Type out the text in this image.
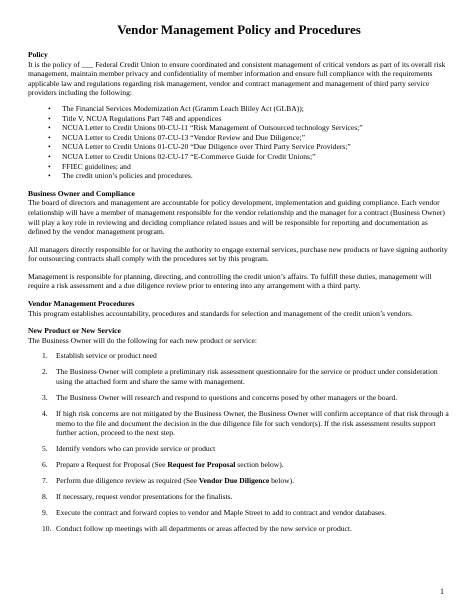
Vendor Management Policy and Procedures

Policy

It is the policy of ___ Federal Credit Union to ensure coordinated and consistent management of critical vendors as part of its overall risk management, maintain member privacy and confidentiality of member information and ensure full compliance with the requirements applicable law and regulations regarding risk management, vendor and contract management and management of third party service providers including the following:

• The Financial Services Modernization Act (Gramm Leach Bliley Act (GLBA));
• Title V, NCUA Regulations Part 748 and appendices
• NCUA Letter to Credit Unions 00-CU-11 “Risk Management of Outsourced technology Services;”
• NCUA Letter to Credit Unions 07-CU-13 “Vendor Review and Due Diligence;”
• NCUA Letter to Credit Unions 01-CU-20 “Due Diligence over Third Party Service Providers;”
• NCUA Letter to Credit Unions 02-CU-17 “E-Commerce Guide for Credit Unions;”
• FFIEC guidelines; and
• The credit union’s policies and procedures.

Business Owner and Compliance

The board of directors and management are accountable for policy development, implementation and guiding compliance. Each vendor relationship will have a member of management responsible for the vendor relationship and the manager for a contract (Business Owner) will play a key role in reviewing and deciding compliance related issues and will be responsible for reporting and documentation as defined by the vendor management program.

All managers directly responsible for or having the authority to engage external services, purchase new products or have signing authority for outsourcing contracts shall comply with the procedures set by this program.

Management is responsible for planning, directing, and controlling the credit union’s affairs. To fulfill these duties, management will require a risk assessment and a due diligence review prior to entering into any arrangement with a third party.

Vendor Management Procedures

This program establishes accountability, procedures and standards for selection and management of the credit union’s vendors.

New Product or New Service

The Business Owner will do the following for each new product or service:

1.	Establish service or product need
2.	The Business Owner will complete a preliminary risk assessment questionnaire for the service or product under consideration using the attached form and share the same with management.
3.	The Business Owner will research and respond to questions and concerns posed by other managers or the board.
4.	If high risk concerns are not mitigated by the Business Owner, the Business Owner will confirm acceptance of that risk through a memo to the file and document the decision in the due diligence file for such vendor(s). If the risk assessment results support further action, proceed to the next step.
5.	Identify vendors who can provide service or product
6.	Prepare a Request for Proposal (See Request for Proposal section below).
7.	Perform due diligence review as required (See Vendor Due Diligence below).
8.	If necessary, request vendor presentations for the finalists.
9.	Execute the contract and forward copies to vendor and Maple Street to add to contract and vendor databases.
10. Conduct follow up meetings with all departments or areas affected by the new service or product.
1
